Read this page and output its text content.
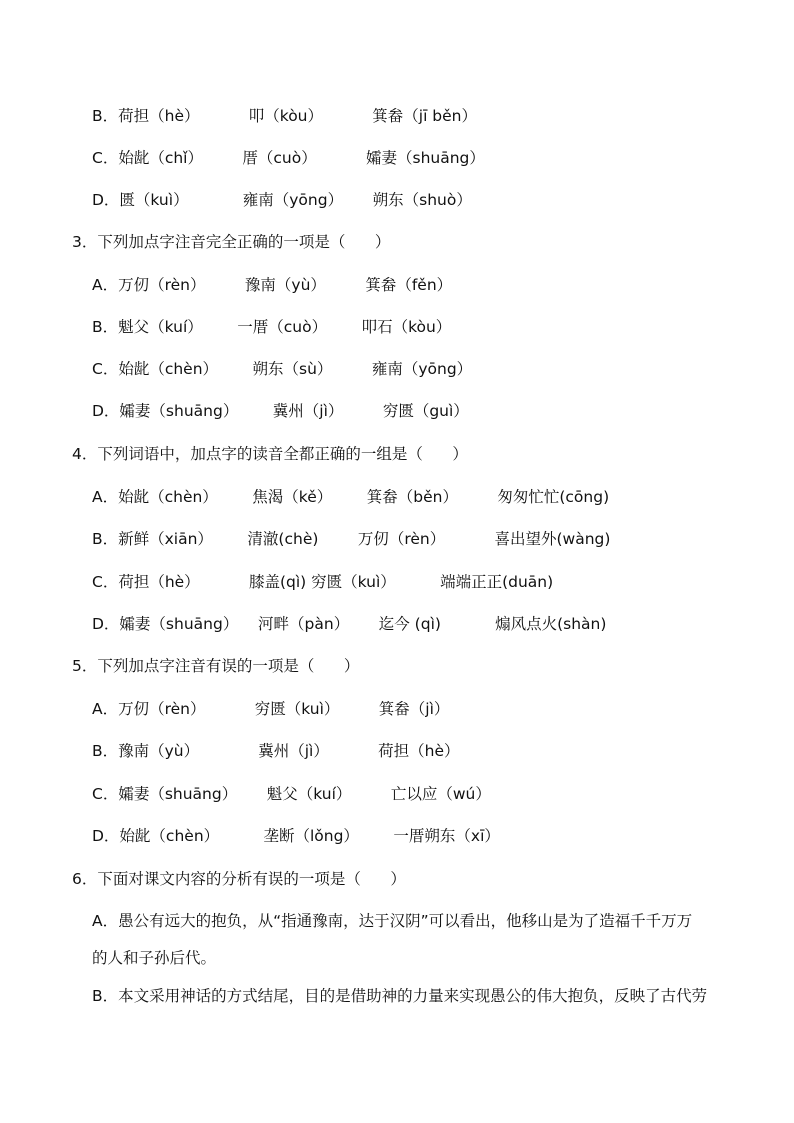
B．荷担（hè）          叩（kòu）          箕畚（jī běn）
C．始龀（chǐ）        厝（cuò）          孀妻（shuāng）
D．匮（kuì）           雍南（yōng）      朔东（shuò）
3．下列加点字注音完全正确的一项是（      ）
A．万仞（rèn）        豫南（yù）        箕畚（fěn）
B．魁父（kuí）       一厝（cuò）       叩石（kòu）
C．始龀（chèn）       朔东（sù）        雍南（yōng）
D．孀妻（shuāng）       冀州（jì）        穷匮（guì）
4．下列词语中，加点字的读音全都正确的一组是（      ）
A．始龀（chèn）       焦渴（kě）       箕畚（běn）        匆匆忙忙(cōng)
B．新鲜（xiān）       清澈(chè)        万仞（rèn）          喜出望外(wàng)
C．荷担（hè）          膝盖(qì) 穷匮（kuì）         端端正正(duān)
D．孀妻（shuāng）    河畔（pàn）      迄今 (qì)           煽风点火(shàn)
5．下列加点字注音有误的一项是（      ）
A．万仞（rèn）          穷匮（kuì）        箕畚（jì）
B．豫南（yù）            冀州（jì）          荷担（hè）
C．孀妻（shuāng）      魁父（kuí）        亡以应（wú）
D．始龀（chèn）         垄断（lǒng）       一厝朔东（xī）
6．下面对课文内容的分析有误的一项是（      ）
A．愚公有远大的抱负，从“指通豫南，达于汉阴”可以看出，他移山是为了造福千千万万
的人和子孙后代。
B．本文采用神话的方式结尾，目的是借助神的力量来实现愚公的伟大抱负，反映了古代劳
